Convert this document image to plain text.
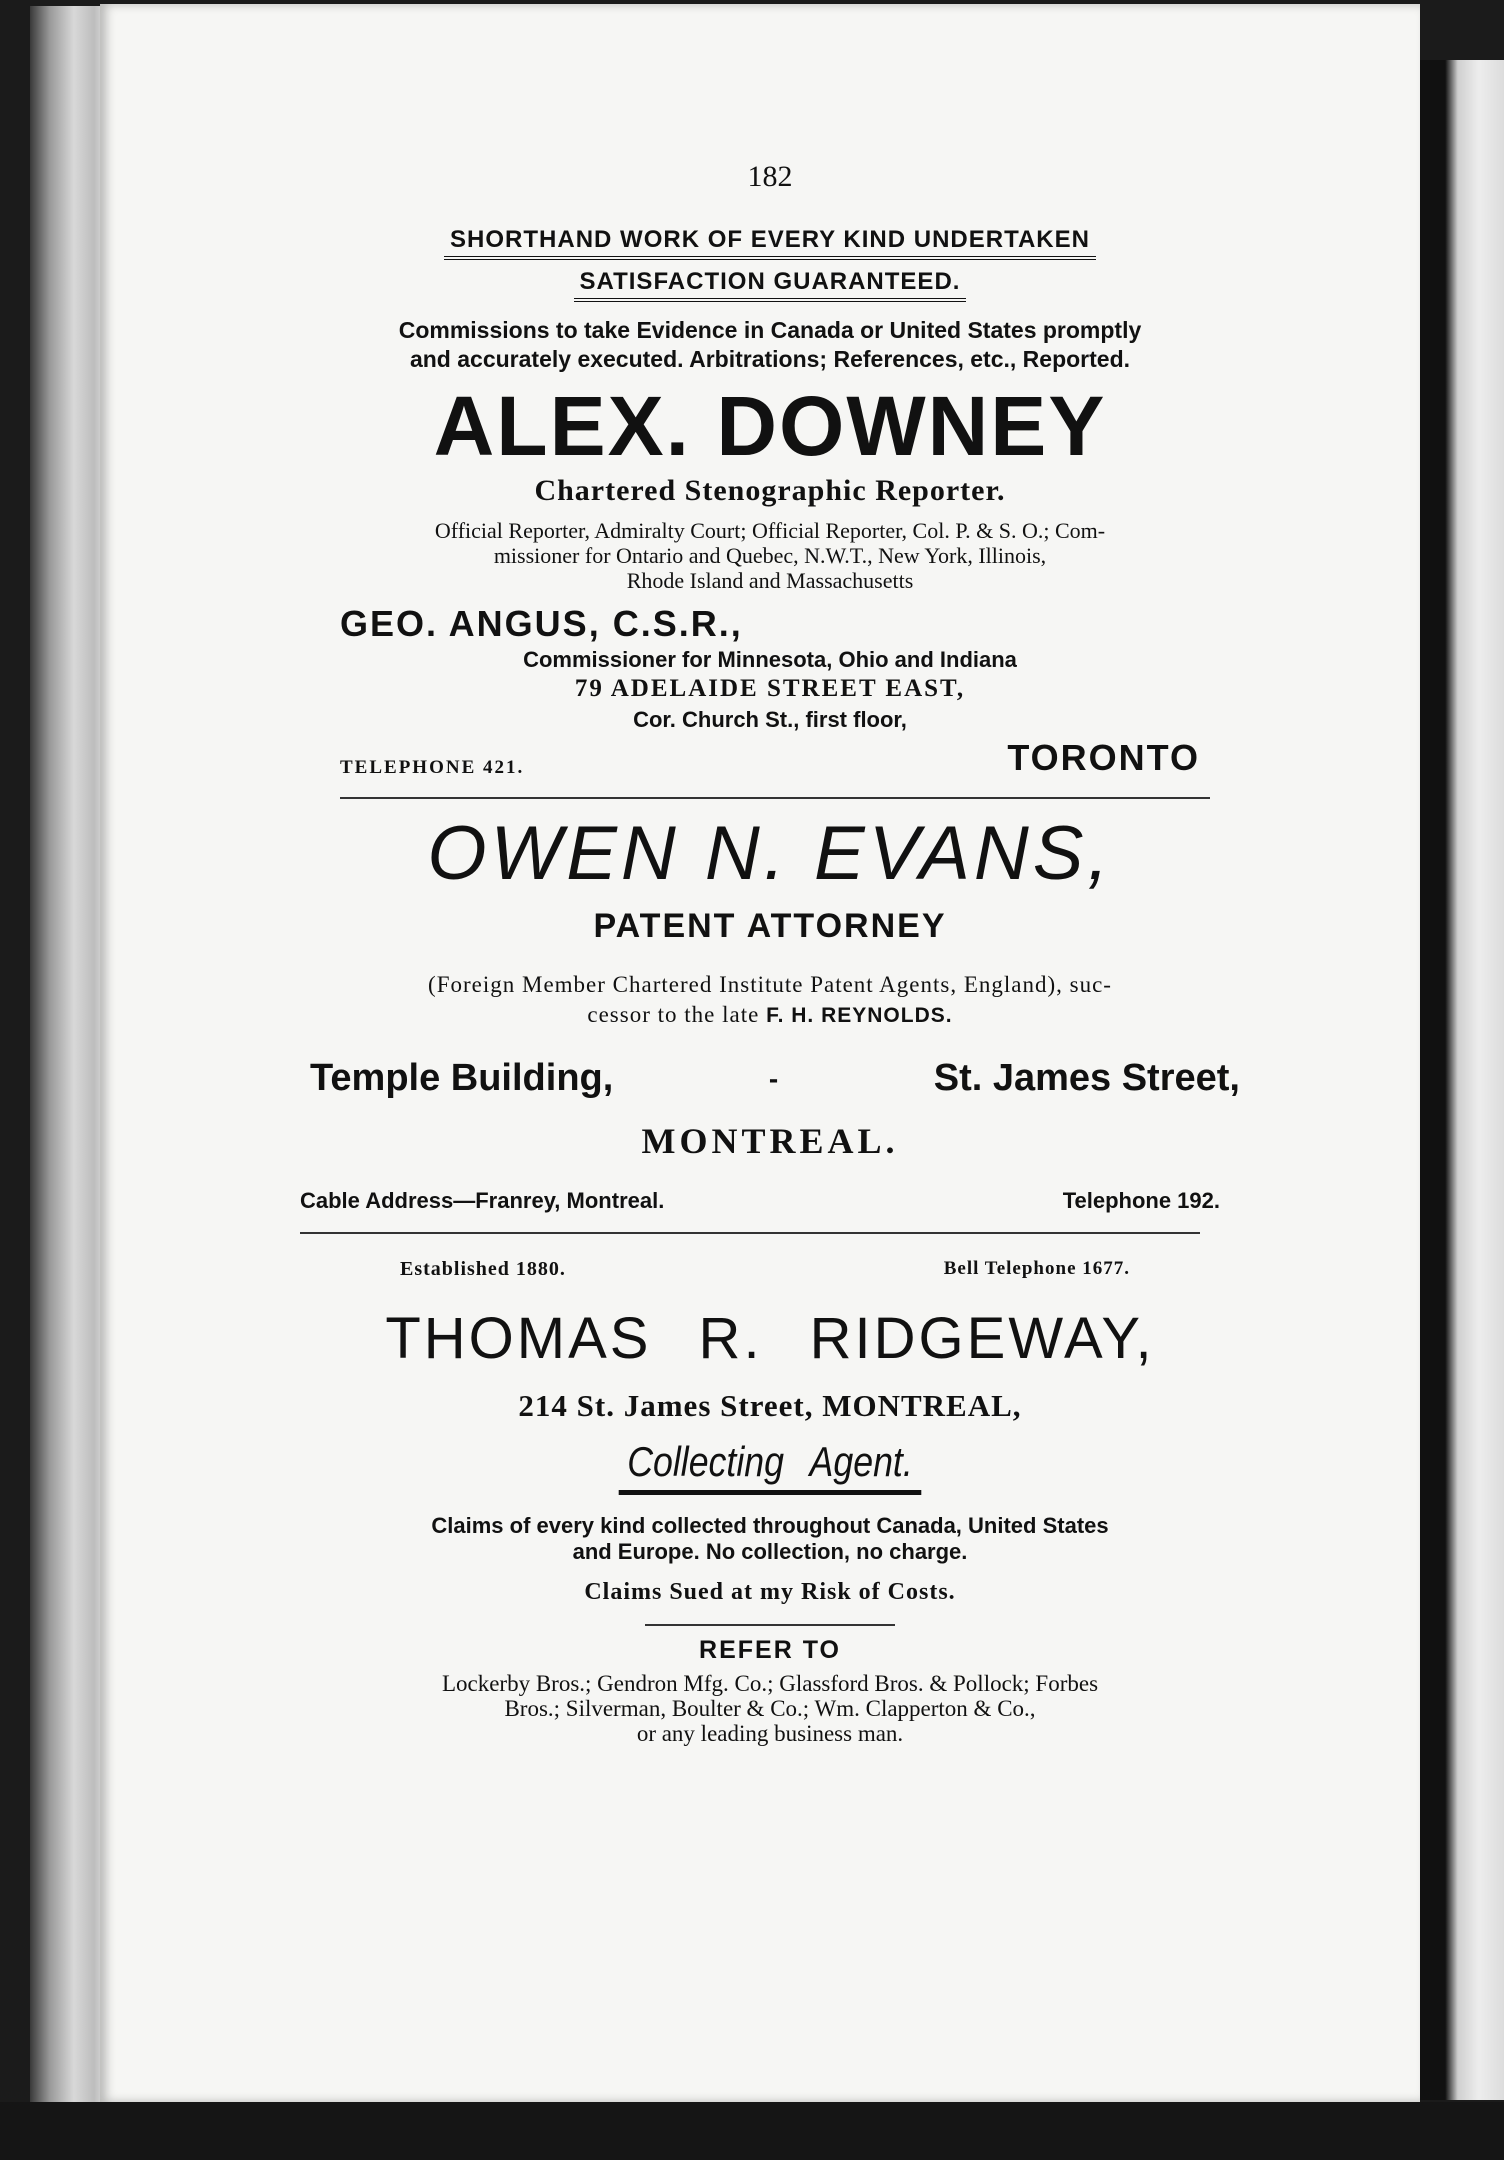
182
SHORTHAND WORK OF EVERY KIND UNDERTAKEN
SATISFACTION GUARANTEED.
Commissions to take Evidence in Canada or United States promptly
and accurately executed. Arbitrations; References, etc., Reported.
ALEX. DOWNEY
Chartered Stenographic Reporter.
Official Reporter, Admiralty Court; Official Reporter, Col. P. & S. O.; Com-
missioner for Ontario and Quebec, N.W.T., New York, Illinois,
Rhode Island and Massachusetts
GEO. ANGUS, C.S.R.,
Commissioner for Minnesota, Ohio and Indiana
79 ADELAIDE STREET EAST,
Cor. Church St., first floor,
TELEPHONE 421.	TORONTO
OWEN N. EVANS,
PATENT ATTORNEY
(Foreign Member Chartered Institute Patent Agents, England), suc-
cessor to the late F. H. REYNOLDS.
Temple Building,	-	St. James Street,
MONTREAL.
Cable Address—Franrey, Montreal.	Telephone 192.
Established 1880.	Bell Telephone 1677.
THOMAS R. RIDGEWAY,
214 St. James Street, MONTREAL,
Collecting Agent.
Claims of every kind collected throughout Canada, United States
and Europe. No collection, no charge.
Claims Sued at my Risk of Costs.
REFER TO
Lockerby Bros.; Gendron Mfg. Co.; Glassford Bros. & Pollock; Forbes
Bros.; Silverman, Boulter & Co.; Wm. Clapperton & Co.,
or any leading business man.
